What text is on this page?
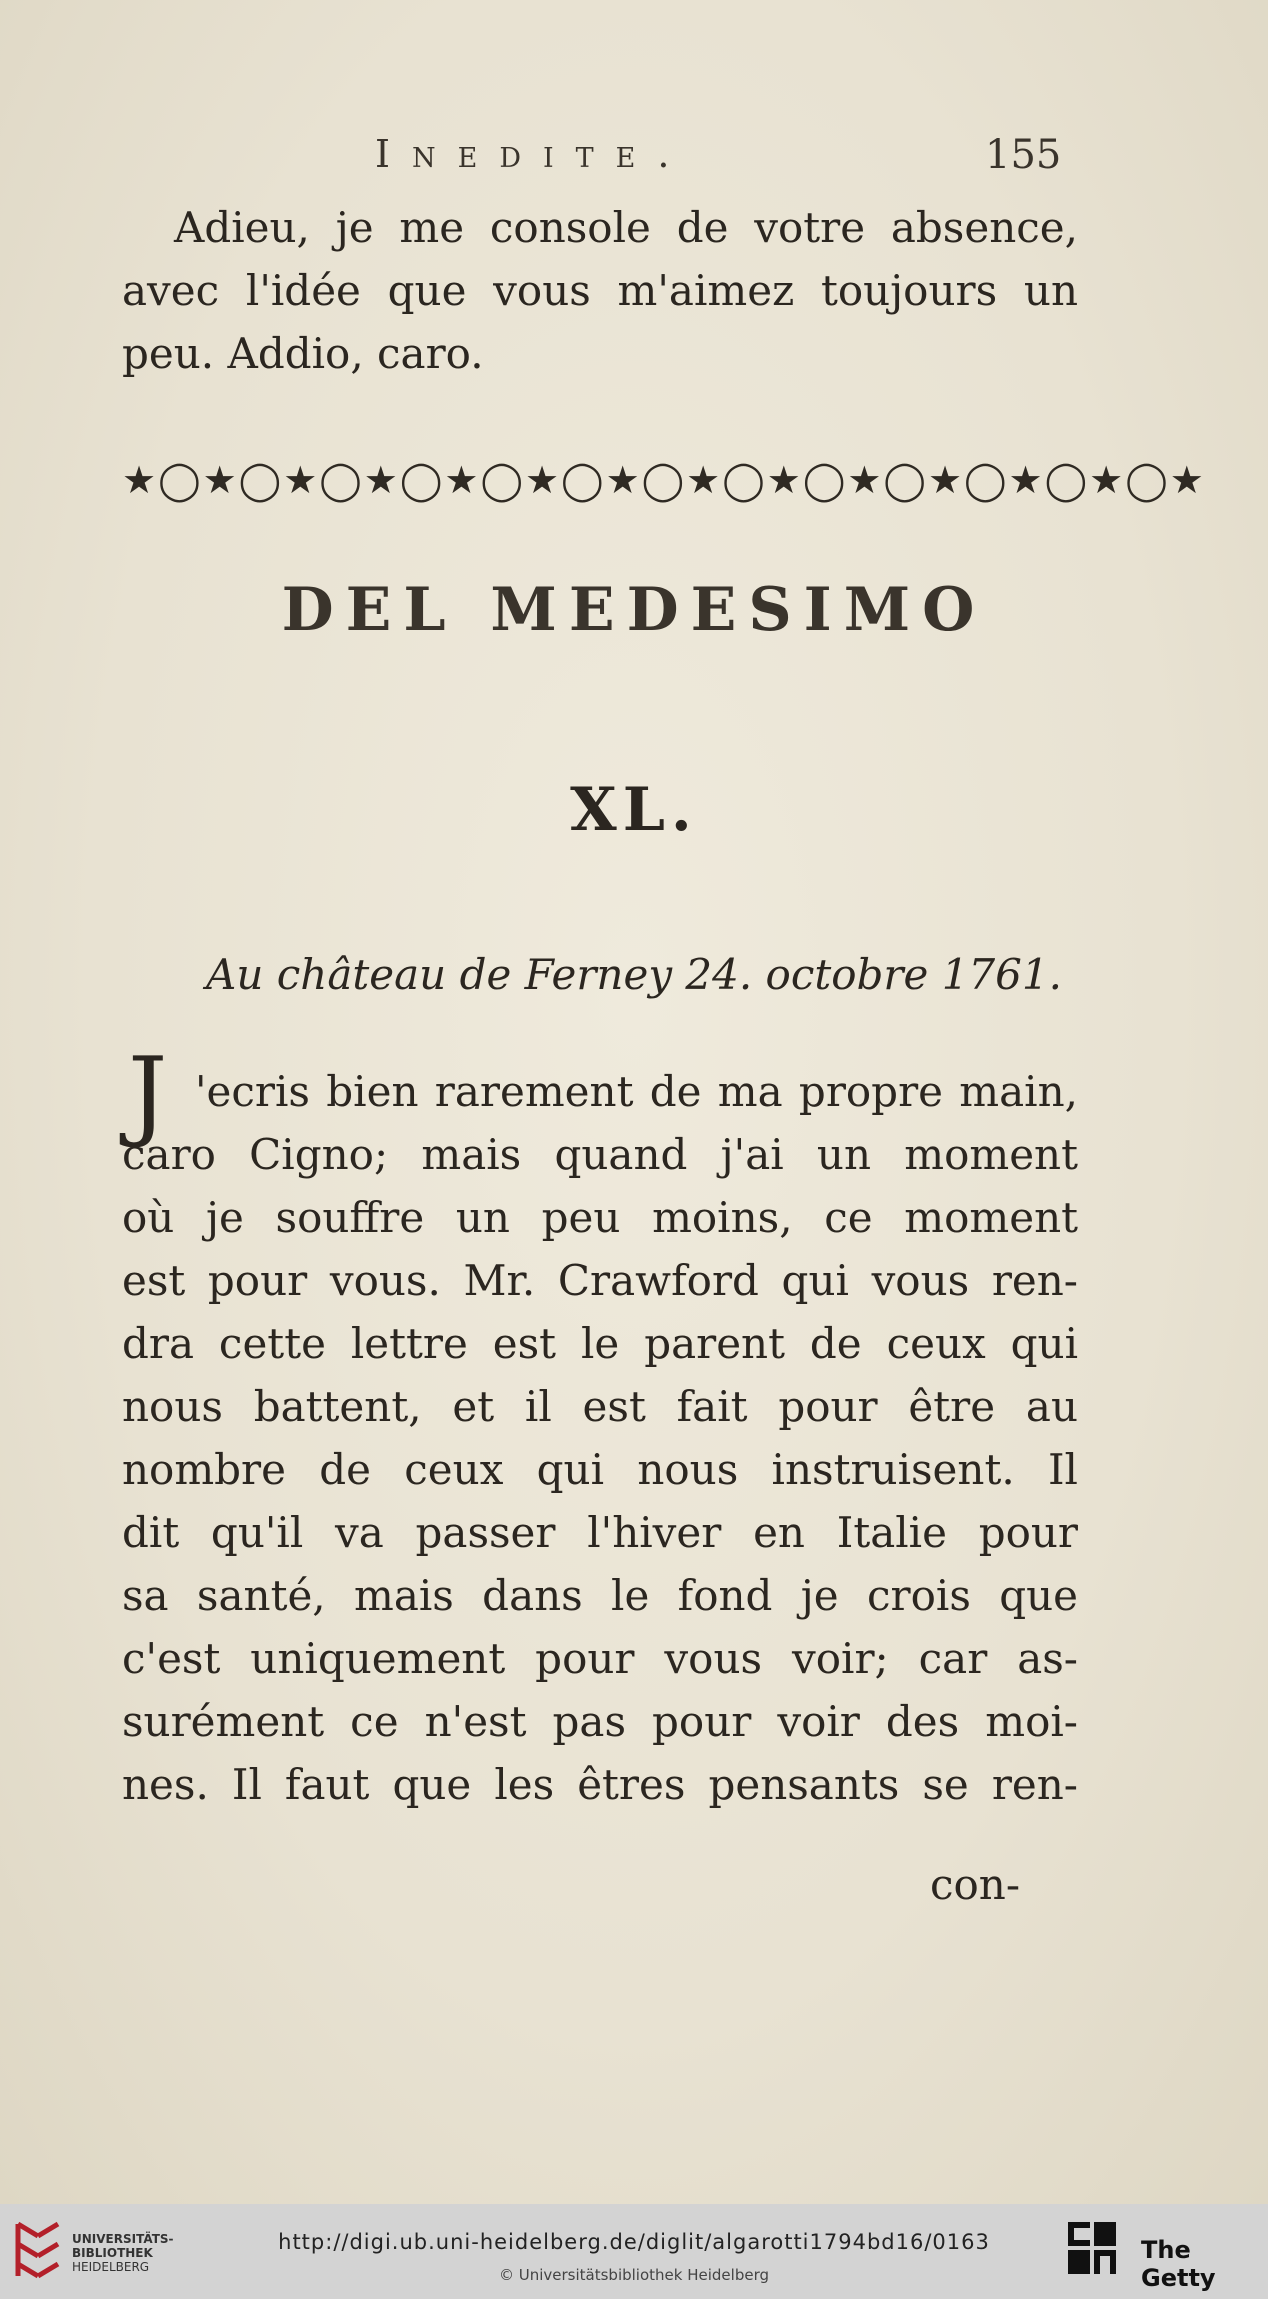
Inedite.	155
Adieu, je me console de votre absence,
avec l'idée que vous m'aimez toujours un
peu. Addio, caro.
★◯★◯★◯★◯★◯★◯★◯★◯★◯★◯★◯★◯★◯★
DEL MEDESIMO
XL.
Au château de Ferney 24. octobre 1761.
J 'ecris bien rarement de ma propre main,
caro Cigno; mais quand j'ai un moment
où je souffre un peu moins, ce moment
est pour vous. Mr. Crawford qui vous ren-
dra cette lettre est le parent de ceux qui
nous battent, et il est fait pour être au
nombre de ceux qui nous instruisent. Il
dit qu'il va passer l'hiver en Italie pour
sa santé, mais dans le fond je crois que
c'est uniquement pour vous voir; car as-
surément ce n'est pas pour voir des moi-
nes. Il faut que les êtres pensants se ren-
con-
UNIVERSITÄTS-
BIBLIOTHEK
HEIDELBERG
http://digi.ub.uni-heidelberg.de/diglit/algarotti1794bd16/0163
© Universitätsbibliothek Heidelberg
The Getty
